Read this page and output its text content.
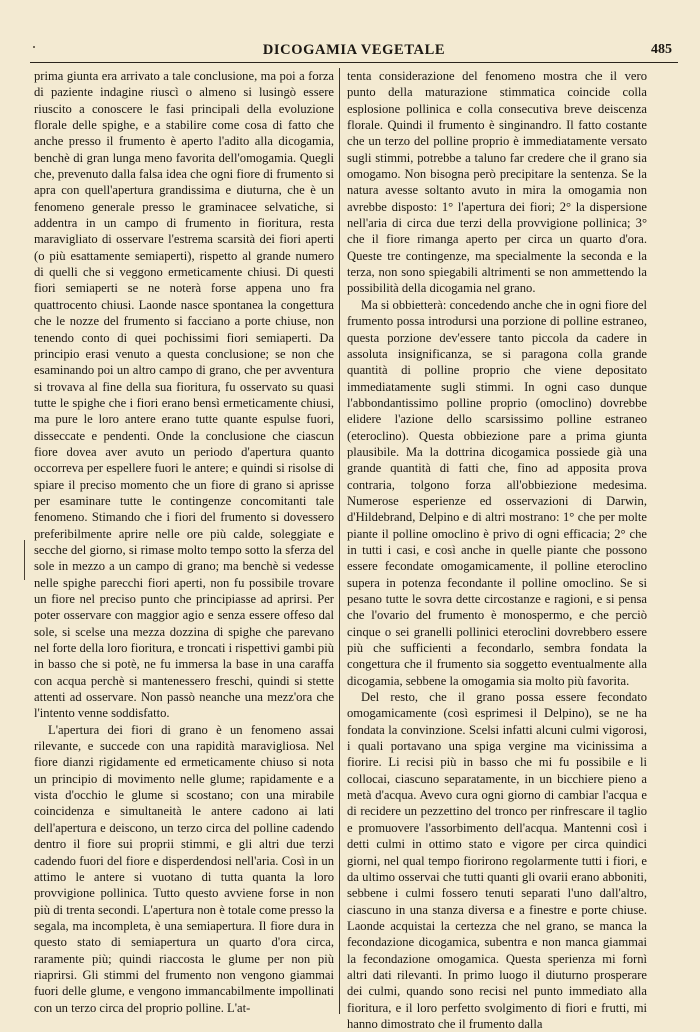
DICOGAMIA VEGETALE	485

prima giunta era arrivato a tale conclusione, ma poi a forza di paziente indagine riuscì o almeno si lusingò essere riuscito a conoscere le fasi principali della evoluzione florale delle spighe, e a stabilire come cosa di fatto che anche presso il frumento è aperto l'adito alla dicogamia, benchè di gran lunga meno favorita dell'omogamia. Quegli che, prevenuto dalla falsa idea che ogni fiore di frumento si apra con quell'apertura grandissima e diuturna, che è un fenomeno generale presso le graminacee selvatiche, si addentra in un campo di frumento in fioritura, resta maravigliato di osservare l'estrema scarsità dei fiori aperti (o più esattamente semiaperti), rispetto al grande numero di quelli che si veggono ermeticamente chiusi. Di questi fiori semiaperti se ne noterà forse appena uno fra quattrocento chiusi. Laonde nasce spontanea la congettura che le nozze del frumento si facciano a porte chiuse, non tenendo conto di quei pochissimi fiori semiaperti. Da principio erasi venuto a questa conclusione; se non che esaminando poi un altro campo di grano, che per avventura si trovava al fine della sua fioritura, fu osservato su quasi tutte le spighe che i fiori erano bensì ermeticamente chiusi, ma pure le loro antere erano tutte quante espulse fuori, disseccate e pendenti. Onde la conclusione che ciascun fiore dovea aver avuto un periodo d'apertura quanto occorreva per espellere fuori le antere; e quindi si risolse di spiare il preciso momento che un fiore di grano si aprisse per esaminare tutte le contingenze concomitanti tale fenomeno. Stimando che i fiori del frumento si dovessero preferibilmente aprire nelle ore più calde, soleggiate e secche del giorno, si rimase molto tempo sotto la sferza del sole in mezzo a un campo di grano; ma benchè si vedesse nelle spighe parecchi fiori aperti, non fu possibile trovare un fiore nel preciso punto che principiasse ad aprirsi. Per poter osservare con maggior agio e senza essere offeso dal sole, si scelse una mezza dozzina di spighe che parevano nel forte della loro fioritura, e troncati i rispettivi gambi più in basso che si potè, ne fu immersa la base in una caraffa con acqua perchè si mantenessero freschi, quindi si stette attenti ad osservare. Non passò neanche una mezz'ora che l'intento venne soddisfatto.

L'apertura dei fiori di grano è un fenomeno assai rilevante, e succede con una rapidità maravigliosa. Nel fiore dianzi rigidamente ed ermeticamente chiuso si nota un principio di movimento nelle glume; rapidamente e a vista d'occhio le glume si scostano; con una mirabile coincidenza e simultaneità le antere cadono ai lati dell'apertura e deiscono, un terzo circa del polline cadendo dentro il fiore sui proprii stimmi, e gli altri due terzi cadendo fuori del fiore e disperdendosi nell'aria. Così in un attimo le antere si vuotano di tutta quanta la loro provvigione pollinica. Tutto questo avviene forse in non più di trenta secondi. L'apertura non è totale come presso la segala, ma incompleta, è una semiapertura. Il fiore dura in questo stato di semiapertura un quarto d'ora circa, raramente più; quindi riaccosta le glume per non più riaprirsi. Gli stimmi del frumento non vengono giammai fuori delle glume, e vengono immancabilmente impollinati con un terzo circa del proprio polline. L'at-

tenta considerazione del fenomeno mostra che il vero punto della maturazione stimmatica coincide colla esplosione pollinica e colla consecutiva breve deiscenza florale. Quindi il frumento è singinandro. Il fatto costante che un terzo del polline proprio è immediatamente versato sugli stimmi, potrebbe a taluno far credere che il grano sia omogamo. Non bisogna però precipitare la sentenza. Se la natura avesse soltanto avuto in mira la omogamia non avrebbe disposto: 1° l'apertura dei fiori; 2° la dispersione nell'aria di circa due terzi della provvigione pollinica; 3° che il fiore rimanga aperto per circa un quarto d'ora. Queste tre contingenze, ma specialmente la seconda e la terza, non sono spiegabili altrimenti se non ammettendo la possibilità della dicogamia nel grano.

Ma si obbietterà: concedendo anche che in ogni fiore del frumento possa introdursi una porzione di polline estraneo, questa porzione dev'essere tanto piccola da cadere in assoluta insignificanza, se si paragona colla grande quantità di polline proprio che viene depositato immediatamente sugli stimmi. In ogni caso dunque l'abbondantissimo polline proprio (omoclino) dovrebbe elidere l'azione dello scarsissimo polline estraneo (eteroclino). Questa obbiezione pare a prima giunta plausibile. Ma la dottrina dicogamica possiede già una grande quantità di fatti che, fino ad apposita prova contraria, tolgono forza all'obbiezione medesima. Numerose esperienze ed osservazioni di Darwin, d'Hildebrand, Delpino e di altri mostrano: 1° che per molte piante il polline omoclino è privo di ogni efficacia; 2° che in tutti i casi, e così anche in quelle piante che possono essere fecondate omogamicamente, il polline eteroclino supera in potenza fecondante il polline omoclino. Se si pesano tutte le sovra dette circostanze e ragioni, e si pensa che l'ovario del frumento è monospermo, e che perciò cinque o sei granelli pollinici eteroclini dovrebbero essere più che sufficienti a fecondarlo, sembra fondata la congettura che il frumento sia soggetto eventualmente alla dicogamia, sebbene la omogamia sia molto più favorita.

Del resto, che il grano possa essere fecondato omogamicamente (così esprimesi il Delpino), se ne ha fondata la convinzione. Scelsi infatti alcuni culmi vigorosi, i quali portavano una spiga vergine ma vicinissima a fiorire. Li recisi più in basso che mi fu possibile e li collocai, ciascuno separatamente, in un bicchiere pieno a metà d'acqua. Avevo cura ogni giorno di cambiar l'acqua e di recidere un pezzettino del tronco per rinfrescare il taglio e promuovere l'assorbimento dell'acqua. Mantenni così i detti culmi in ottimo stato e vigore per circa quindici giorni, nel qual tempo fiorirono regolarmente tutti i fiori, e da ultimo osservai che tutti quanti gli ovarii erano abboniti, sebbene i culmi fossero tenuti separati l'uno dall'altro, ciascuno in una stanza diversa e a finestre e porte chiuse. Laonde acquistai la certezza che nel grano, se manca la fecondazione dicogamica, subentra e non manca giammai la fecondazione omogamica. Questa sperienza mi fornì altri dati rilevanti. In primo luogo il diuturno prosperare dei culmi, quando sono recisi nel punto immediato alla fioritura, e il loro perfetto svolgimento di fiori e frutti, mi hanno dimostrato che il frumento dalla
